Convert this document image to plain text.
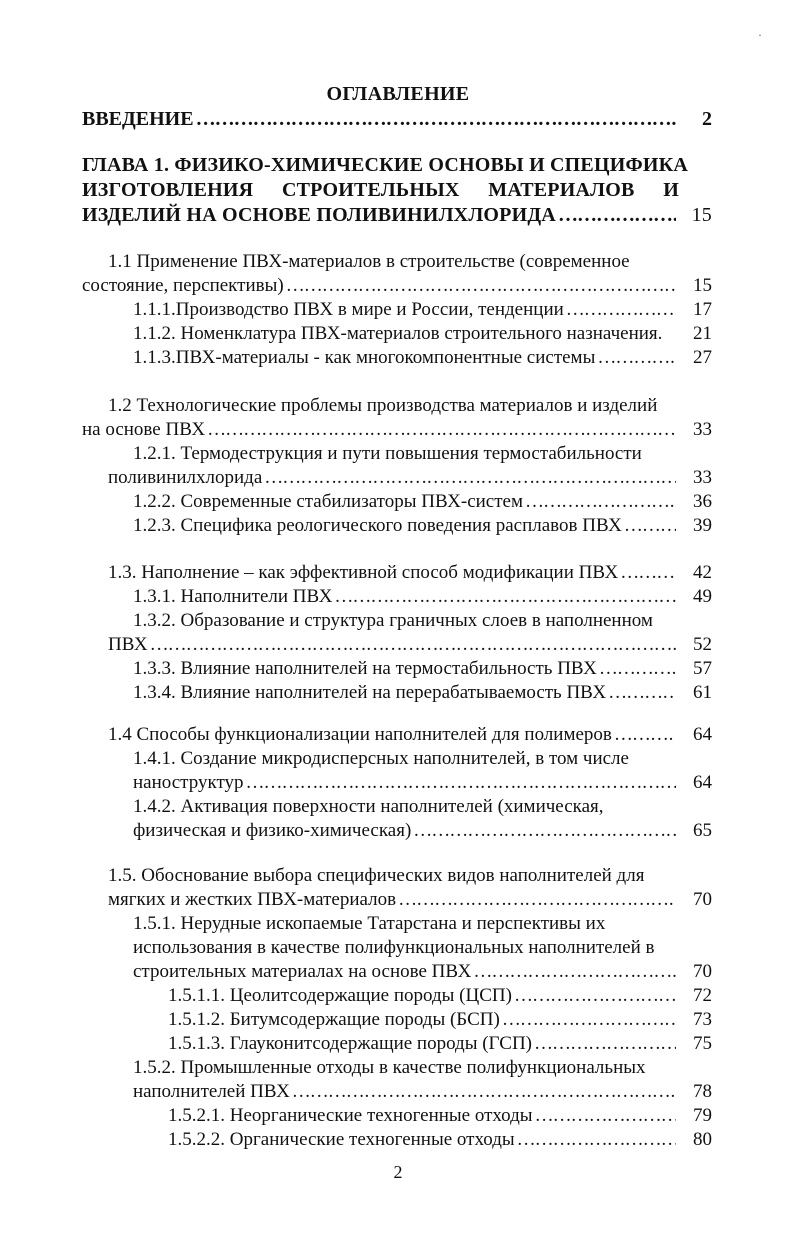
·
ОГЛАВЛЕНИЕ
ВВЕДЕНИЕ ………………………………………………………………………………………………………………………………………………………………………………	2
ГЛАВА 1. ФИЗИКО-ХИМИЧЕСКИЕ ОСНОВЫ И СПЕЦИФИКА
ИЗГОТОВЛЕНИЯ СТРОИТЕЛЬНЫХ МАТЕРИАЛОВ И
ИЗДЕЛИЙ НА ОСНОВЕ ПОЛИВИНИЛХЛОРИДА ………………………………………………………………………………………………………………………………………………………………………………	15
1.1 Применение ПВХ-материалов в строительстве (современное
состояние, перспективы) ………………………………………………………………………………………………………………………………………………………………………………	15
1.1.1.Производство ПВХ в мире и России, тенденции ………………………………………………………………………………………………………………………………………………………………………………	17
1.1.2. Номенклатура ПВХ-материалов строительного назначения.	21
1.1.3.ПВХ-материалы - как многокомпонентные системы ………………………………………………………………………………………………………………………………………………………………………………	27
1.2 Технологические проблемы производства материалов и изделий
на основе ПВХ ………………………………………………………………………………………………………………………………………………………………………………	33
1.2.1. Термодеструкция и пути повышения термостабильности
поливинилхлорида ………………………………………………………………………………………………………………………………………………………………………………	33
1.2.2. Современные стабилизаторы ПВХ-систем ………………………………………………………………………………………………………………………………………………………………………………	36
1.2.3. Специфика реологического поведения расплавов ПВХ ………………………………………………………………………………………………………………………………………………………………………………	39
1.3. Наполнение – как эффективной способ модификации ПВХ ………………………………………………………………………………………………………………………………………………………………………………	42
1.3.1. Наполнители ПВХ ………………………………………………………………………………………………………………………………………………………………………………	49
1.3.2. Образование и структура граничных слоев в наполненном
ПВХ ………………………………………………………………………………………………………………………………………………………………………………	52
1.3.3. Влияние наполнителей на термостабильность ПВХ ………………………………………………………………………………………………………………………………………………………………………………	57
1.3.4. Влияние наполнителей на перерабатываемость ПВХ ………………………………………………………………………………………………………………………………………………………………………………	61
1.4 Способы функционализации наполнителей для полимеров ………………………………………………………………………………………………………………………………………………………………………………	64
1.4.1. Создание микродисперсных наполнителей, в том числе
наноструктур ………………………………………………………………………………………………………………………………………………………………………………	64
1.4.2. Активация поверхности наполнителей (химическая,
физическая и физико-химическая) ………………………………………………………………………………………………………………………………………………………………………………	65
1.5. Обоснование выбора специфических видов наполнителей для
мягких и жестких ПВХ-материалов ………………………………………………………………………………………………………………………………………………………………………………	70
1.5.1. Нерудные ископаемые Татарстана и перспективы их
использования в качестве полифункциональных наполнителей в
строительных материалах на основе ПВХ ………………………………………………………………………………………………………………………………………………………………………………	70
1.5.1.1. Цеолитсодержащие породы (ЦСП) ………………………………………………………………………………………………………………………………………………………………………………	72
1.5.1.2. Битумсодержащие породы (БСП) ………………………………………………………………………………………………………………………………………………………………………………	73
1.5.1.3. Глауконитсодержащие породы (ГСП) ………………………………………………………………………………………………………………………………………………………………………………	75
1.5.2. Промышленные отходы в качестве полифункциональных
наполнителей ПВХ ………………………………………………………………………………………………………………………………………………………………………………	78
1.5.2.1. Неорганические техногенные отходы ………………………………………………………………………………………………………………………………………………………………………………	79
1.5.2.2. Органические техногенные отходы ………………………………………………………………………………………………………………………………………………………………………………	80
2
